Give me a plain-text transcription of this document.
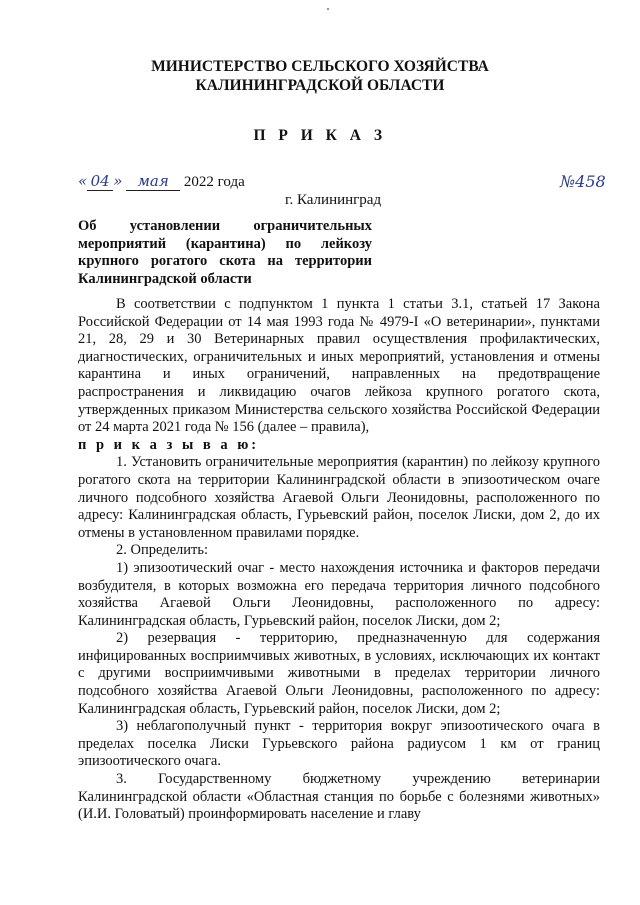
МИНИСТЕРСТВО СЕЛЬСКОГО ХОЗЯЙСТВА
КАЛИНИНГРАДСКОЙ ОБЛАСТИ
П Р И К А З
« 04 » мая 2022 года	№458
г. Калининград
Об установлении ограничительных
мероприятий (карантина) по лейкозу
крупного рогатого скота на территории
Калининградской области

В соответствии с подпунктом 1 пункта 1 статьи 3.1, статьей 17 Закона Российской Федерации от 14 мая 1993 года № 4979-I «О ветеринарии», пунктами 21, 28, 29 и 30 Ветеринарных правил осуществления профилактических, диагностических, ограничительных и иных мероприятий, установления и отмены карантина и иных ограничений, направленных на предотвращение распространения и ликвидацию очагов лейкоза крупного рогатого скота, утвержденных приказом Министерства сельского хозяйства Российской Федерации от 24 марта 2021 года № 156 (далее – правила),

п р и к а з ы в а ю:

1. Установить ограничительные мероприятия (карантин) по лейкозу крупного рогатого скота на территории Калининградской области в эпизоотическом очаге личного подсобного хозяйства Агаевой Ольги Леонидовны, расположенного по адресу: Калининградская область, Гурьевский район, поселок Лиски, дом 2, до их отмены в установленном правилами порядке.

2. Определить:

1) эпизоотический очаг - место нахождения источника и факторов передачи возбудителя, в которых возможна его передача территория личного подсобного хозяйства Агаевой Ольги Леонидовны, расположенного по адресу: Калининградская область, Гурьевский район, поселок Лиски, дом 2;

2) резервация - территорию, предназначенную для содержания инфицированных восприимчивых животных, в условиях, исключающих их контакт с другими восприимчивыми животными в пределах территории личного подсобного хозяйства Агаевой Ольги Леонидовны, расположенного по адресу: Калининградская область, Гурьевский район, поселок Лиски, дом 2;

3) неблагополучный пункт - территория вокруг эпизоотического очага в пределах поселка Лиски Гурьевского района радиусом 1 км от границ эпизоотического очага.

3. Государственному бюджетному учреждению ветеринарии Калининградской области «Областная станция по борьбе с болезнями животных» (И.И. Головатый) проинформировать население и главу
